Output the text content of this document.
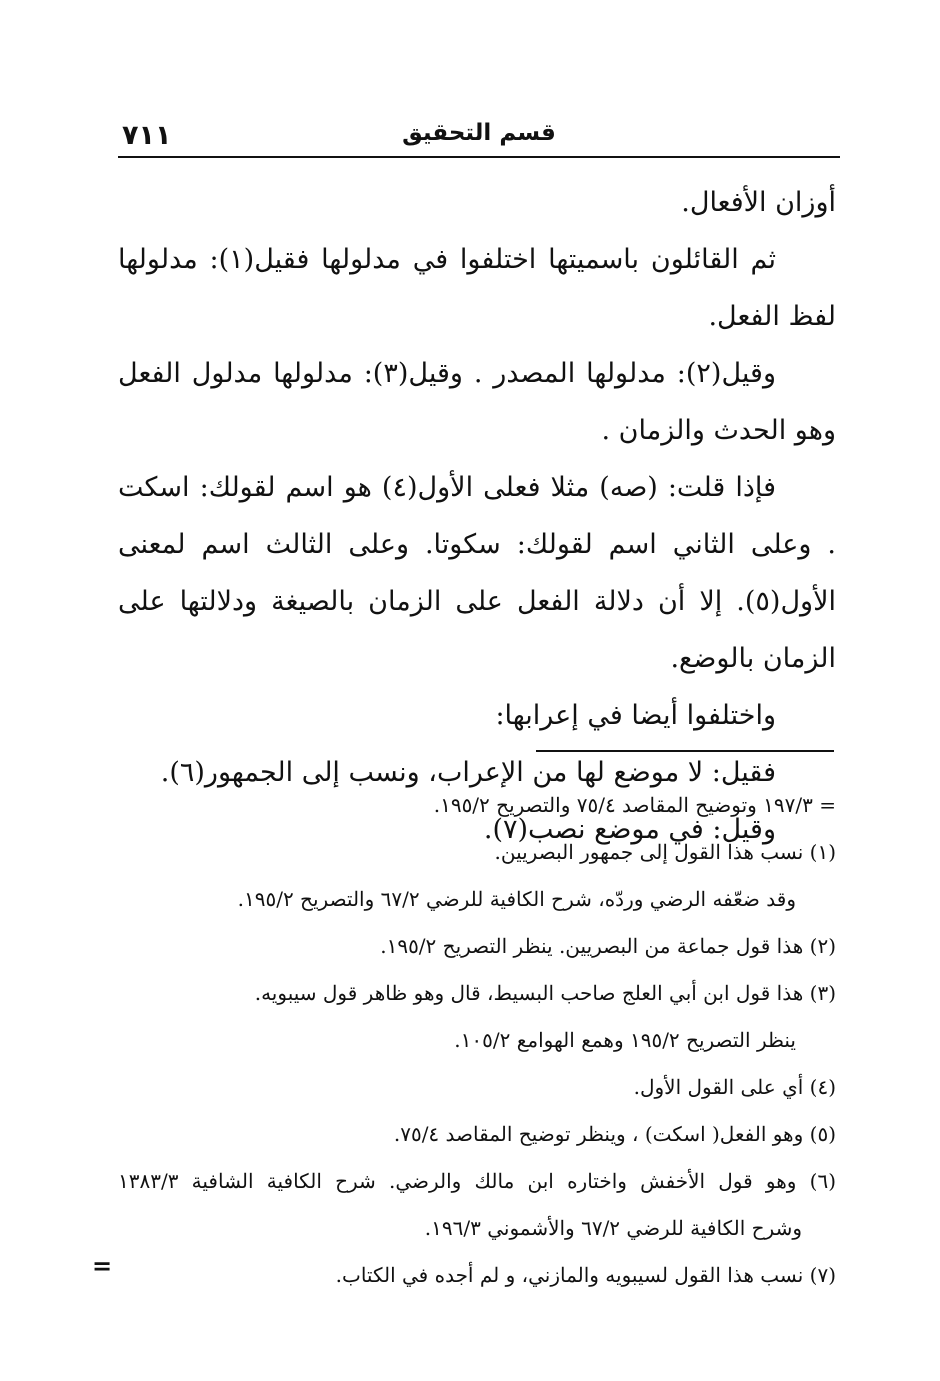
٧١١	قسم التحقيق

أوزان الأفعال.

ثم القائلون باسميتها اختلفوا في مدلولها فقيل(١): مدلولها لفظ الفعل.

وقيل(٢): مدلولها المصدر . وقيل(٣): مدلولها مدلول الفعل وهو الحدث والزمان .

فإذا قلت: (صه) مثلا فعلى الأول(٤) هو اسم لقولك: اسكت . وعلى الثاني اسم لقولك: سكوتا. وعلى الثالث اسم لمعنى الأول(٥). إلا أن دلالة الفعل على الزمان بالصيغة ودلالتها على الزمان بالوضع.

واختلفوا أيضا في إعرابها:

فقيل: لا موضع لها من الإعراب، ونسب إلى الجمهور(٦).

وقيل: في موضع نصب(٧).

= ١٩٧/٣ وتوضيح المقاصد ٧٥/٤ والتصريح ١٩٥/٢.

(١) نسب هذا القول إلى جمهور البصريين.

وقد ضعّفه الرضي وردّه، شرح الكافية للرضي ٦٧/٢ والتصريح ١٩٥/٢.

(٢) هذا قول جماعة من البصريين. ينظر التصريح ١٩٥/٢.

(٣) هذا قول ابن أبي العلج صاحب البسيط، قال وهو ظاهر قول سيبويه.

ينظر التصريح ١٩٥/٢ وهمع الهوامع ١٠٥/٢.

(٤) أي على القول الأول.

(٥) وهو الفعل( اسكت) ، وينظر توضيح المقاصد ٧٥/٤.

(٦) وهو قول الأخفش واختاره ابن مالك والرضي. شرح الكافية الشافية ١٣٨٣/٣

وشرح الكافية للرضي ٦٧/٢ والأشموني ١٩٦/٣.

(٧) نسب هذا القول لسيبويه والمازني، و لم أجده في الكتاب.

=
